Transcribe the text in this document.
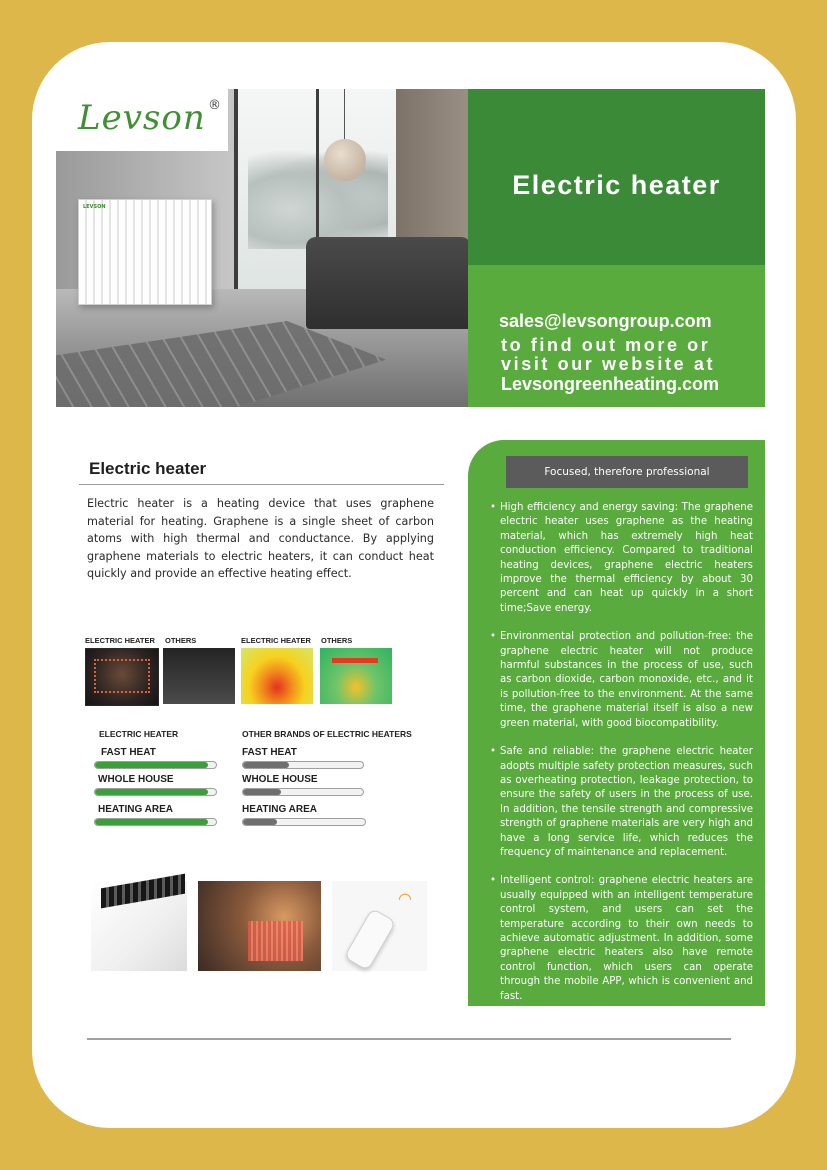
LEVSON
Levson ®
Electric heater
sales@levsongroup.com
to find out more or
visit our website at
Levsongreenheating.com
Electric heater
Electric heater is a heating device that uses graphene material for heating. Graphene is a single sheet of carbon atoms with high thermal and conductance. By applying graphene materials to electric heaters, it can conduct heat quickly and provide an effective heating effect.
ELECTRIC HEATER OTHERS	ELECTRIC HEATER OTHERS
ELECTRIC HEATER	OTHER BRANDS OF ELECTRIC HEATERS
FAST HEAT	FAST HEAT
WHOLE HOUSE	WHOLE HOUSE
HEATING AREA	HEATING AREA
◠
Focused, therefore professional
• High efficiency and energy saving: The graphene electric heater uses graphene as the heating material, which has extremely high heat conduction efficiency. Compared to traditional heating devices, graphene electric heaters improve the thermal efficiency by about 30 percent and can heat up quickly in a short time;Save energy.
• Environmental protection and pollution-free: the graphene electric heater will not produce harmful substances in the process of use, such as carbon dioxide, carbon monoxide, etc., and it is pollution-free to the environment. At the same time, the graphene material itself is also a new green material, with good biocompatibility.
• Safe and reliable: the graphene electric heater adopts multiple safety protection measures, such as overheating protection, leakage protection, to ensure the safety of users in the process of use. In addition, the tensile strength and compressive strength of graphene materials are very high and have a long service life, which reduces the frequency of maintenance and replacement.
• Intelligent control: graphene electric heaters are usually equipped with an intelligent temperature control system, and users can set the temperature according to their own needs to achieve automatic adjustment. In addition, some graphene electric heaters also have remote control function, which users can operate through the mobile APP, which is convenient and fast.
